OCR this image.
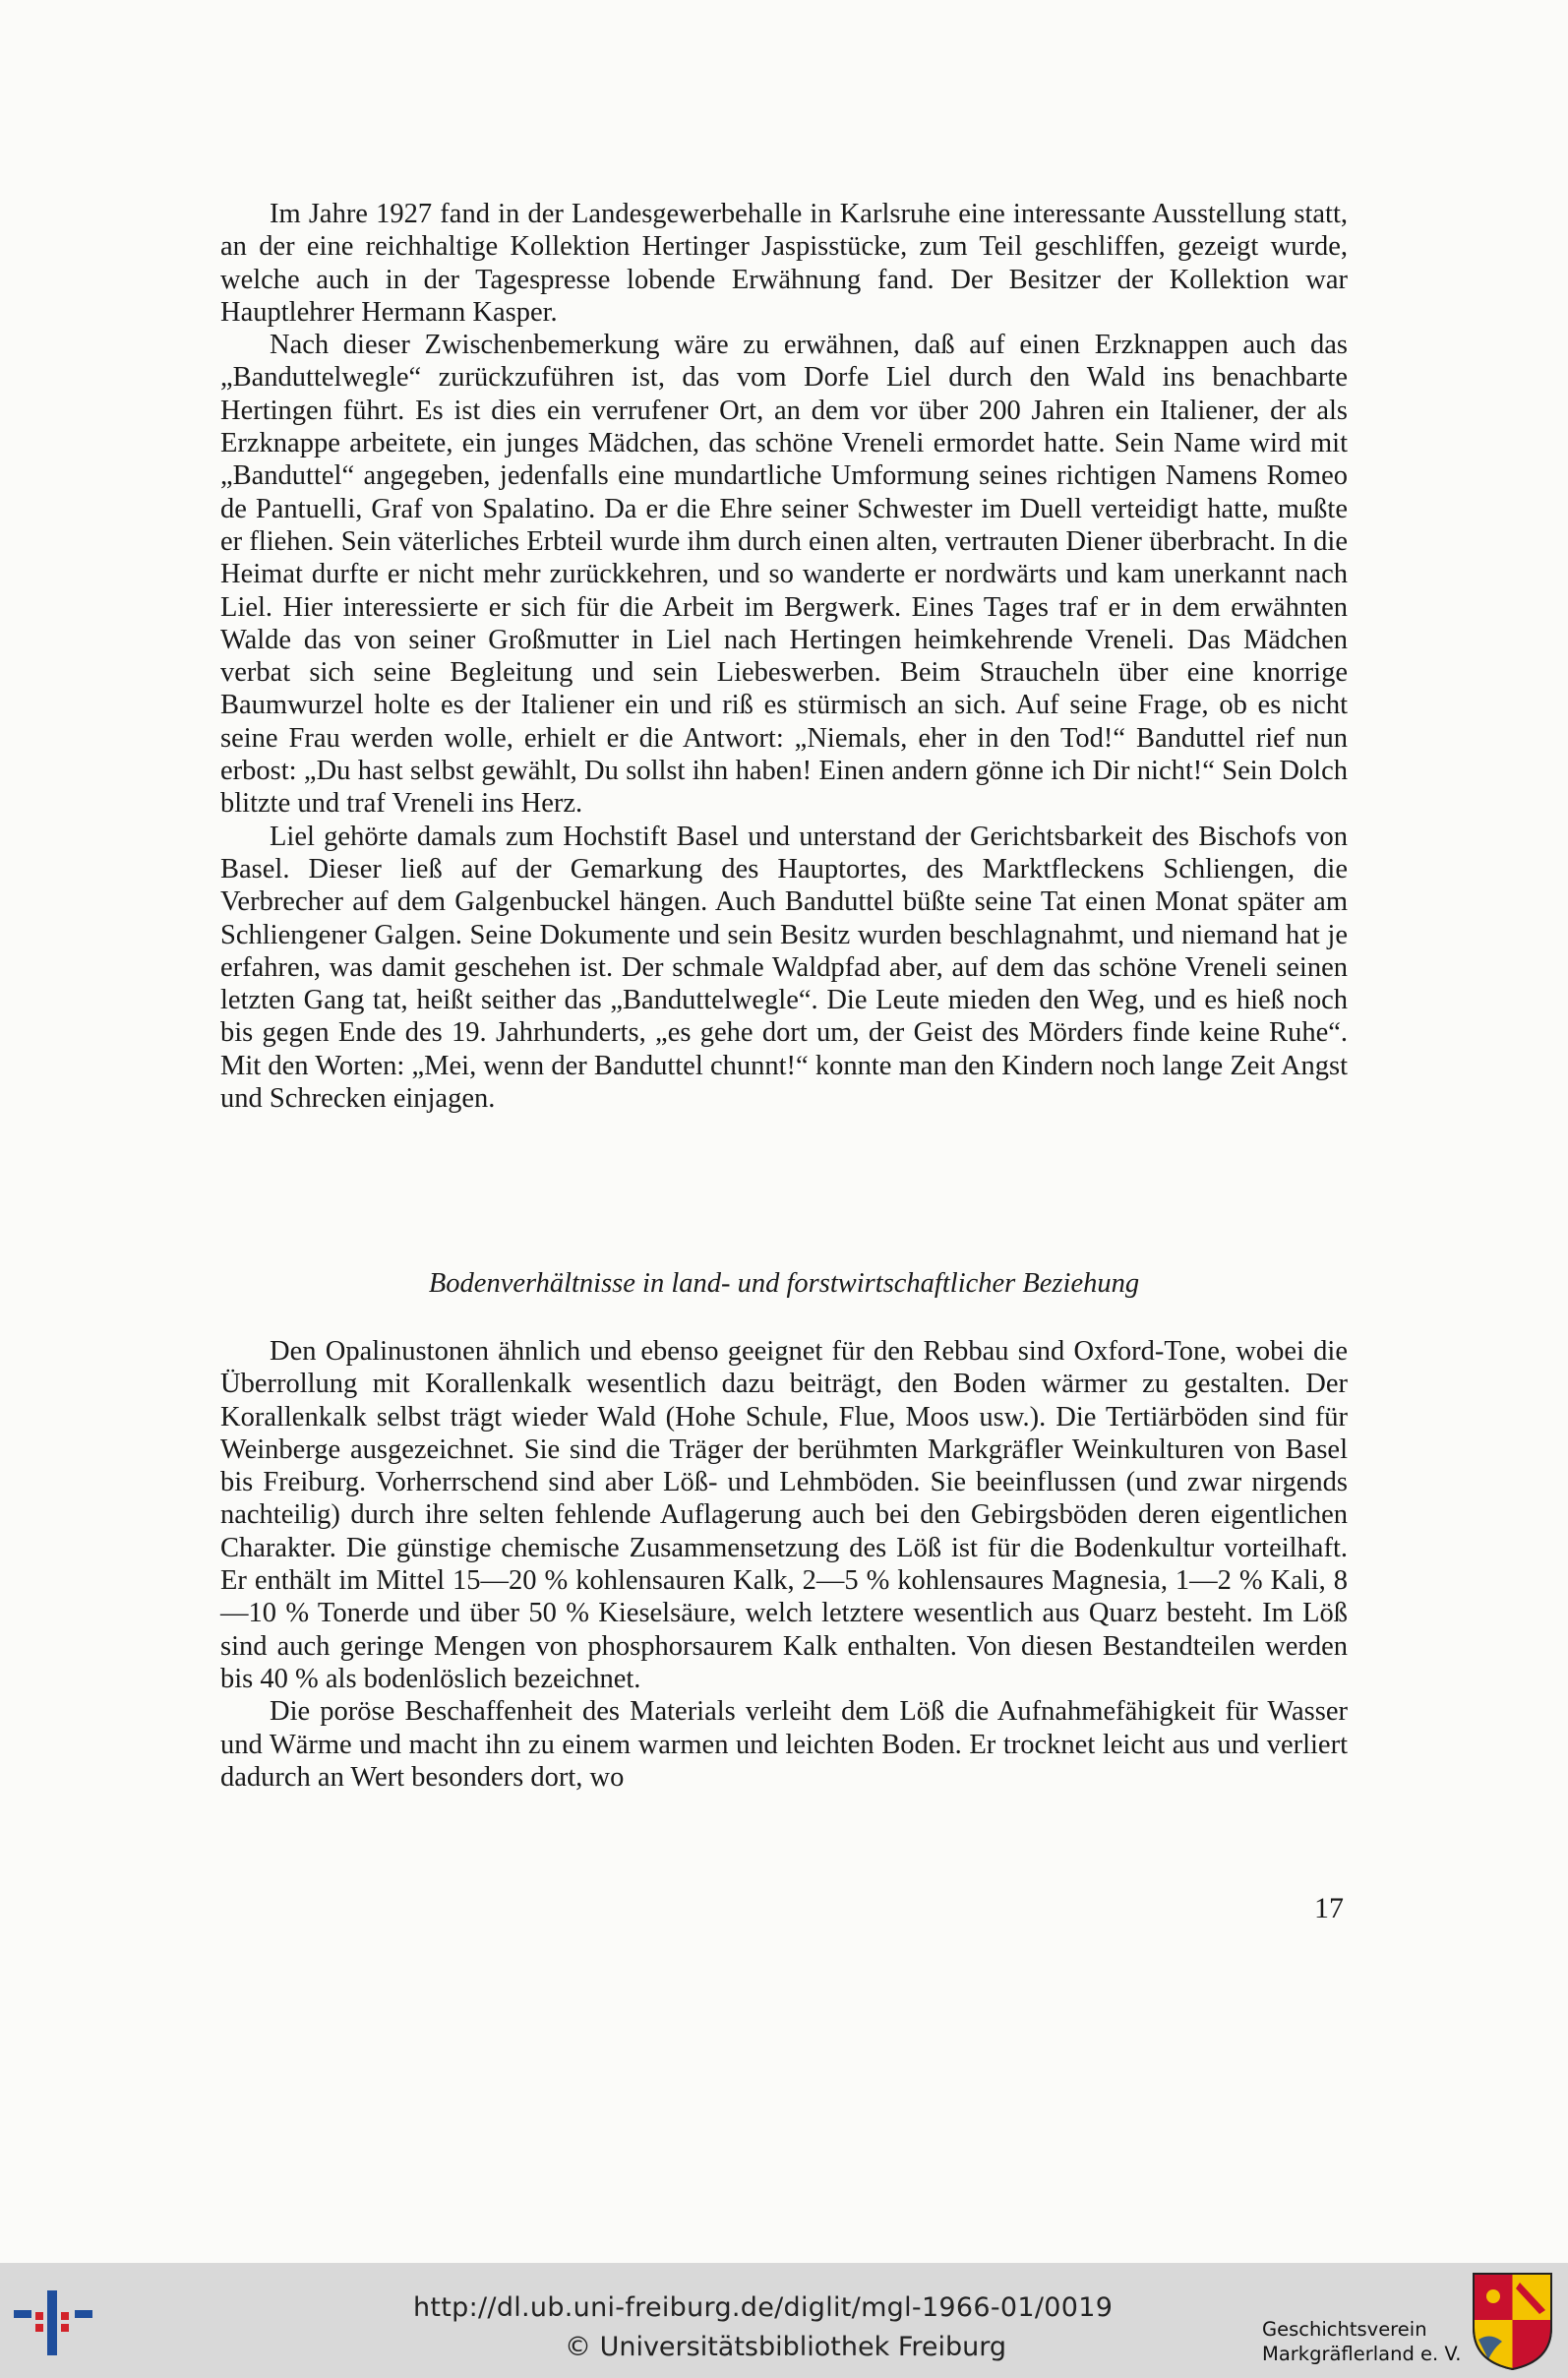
Im Jahre 1927 fand in der Landesgewerbehalle in Karlsruhe eine interessante Ausstellung statt, an der eine reichhaltige Kollektion Hertinger Jaspisstücke, zum Teil geschliffen, gezeigt wurde, welche auch in der Tagespresse lobende Erwähnung fand. Der Besitzer der Kollektion war Hauptlehrer Hermann Kasper.

Nach dieser Zwischenbemerkung wäre zu erwähnen, daß auf einen Erzknappen auch das „Banduttelwegle“ zurückzuführen ist, das vom Dorfe Liel durch den Wald ins benachbarte Hertingen führt. Es ist dies ein verrufener Ort, an dem vor über 200 Jahren ein Italiener, der als Erzknappe arbeitete, ein junges Mädchen, das schöne Vreneli ermordet hatte. Sein Name wird mit „Banduttel“ angegeben, jedenfalls eine mundartliche Umformung seines richtigen Namens Romeo de Pantuelli, Graf von Spalatino. Da er die Ehre seiner Schwester im Duell verteidigt hatte, mußte er fliehen. Sein väterliches Erbteil wurde ihm durch einen alten, vertrauten Diener überbracht. In die Heimat durfte er nicht mehr zurückkehren, und so wanderte er nordwärts und kam unerkannt nach Liel. Hier interessierte er sich für die Arbeit im Bergwerk. Eines Tages traf er in dem erwähnten Walde das von seiner Großmutter in Liel nach Hertingen heimkehrende Vreneli. Das Mädchen verbat sich seine Begleitung und sein Liebeswerben. Beim Straucheln über eine knorrige Baumwurzel holte es der Italiener ein und riß es stürmisch an sich. Auf seine Frage, ob es nicht seine Frau werden wolle, erhielt er die Antwort: „Niemals, eher in den Tod!“ Banduttel rief nun erbost: „Du hast selbst gewählt, Du sollst ihn haben! Einen andern gönne ich Dir nicht!“ Sein Dolch blitzte und traf Vreneli ins Herz.

Liel gehörte damals zum Hochstift Basel und unterstand der Gerichtsbarkeit des Bischofs von Basel. Dieser ließ auf der Gemarkung des Hauptortes, des Marktfleckens Schliengen, die Verbrecher auf dem Galgenbuckel hängen. Auch Banduttel büßte seine Tat einen Monat später am Schliengener Galgen. Seine Dokumente und sein Besitz wurden beschlagnahmt, und niemand hat je erfahren, was damit geschehen ist. Der schmale Waldpfad aber, auf dem das schöne Vreneli seinen letzten Gang tat, heißt seither das „Banduttelwegle“. Die Leute mieden den Weg, und es hieß noch bis gegen Ende des 19. Jahrhunderts, „es gehe dort um, der Geist des Mörders finde keine Ruhe“. Mit den Worten: „Mei, wenn der Banduttel chunnt!“ konnte man den Kindern noch lange Zeit Angst und Schrecken einjagen.

Bodenverhältnisse in land- und forstwirtschaftlicher Beziehung

Den Opalinustonen ähnlich und ebenso geeignet für den Rebbau sind Oxford-Tone, wobei die Überrollung mit Korallenkalk wesentlich dazu beiträgt, den Boden wärmer zu gestalten. Der Korallenkalk selbst trägt wieder Wald (Hohe Schule, Flue, Moos usw.). Die Tertiärböden sind für Weinberge ausgezeichnet. Sie sind die Träger der berühmten Markgräfler Weinkulturen von Basel bis Freiburg. Vorherrschend sind aber Löß- und Lehmböden. Sie beeinflussen (und zwar nirgends nachteilig) durch ihre selten fehlende Auflagerung auch bei den Gebirgsböden deren eigentlichen Charakter. Die günstige chemische Zusammensetzung des Löß ist für die Bodenkultur vorteilhaft. Er enthält im Mittel 15—20 % kohlensauren Kalk, 2—5 % kohlensaures Magnesia, 1—2 % Kali, 8—10 % Tonerde und über 50 % Kieselsäure, welch letztere wesentlich aus Quarz besteht. Im Löß sind auch geringe Mengen von phosphorsaurem Kalk enthalten. Von diesen Bestandteilen werden bis 40 % als bodenlöslich bezeichnet.

Die poröse Beschaffenheit des Materials verleiht dem Löß die Aufnahmefähigkeit für Wasser und Wärme und macht ihn zu einem warmen und leichten Boden. Er trocknet leicht aus und verliert dadurch an Wert besonders dort, wo

17
http://dl.ub.uni-freiburg.de/diglit/mgl-1966-01/0019
© Universitätsbibliothek Freiburg
Geschichtsverein
Markgräflerland e. V.
